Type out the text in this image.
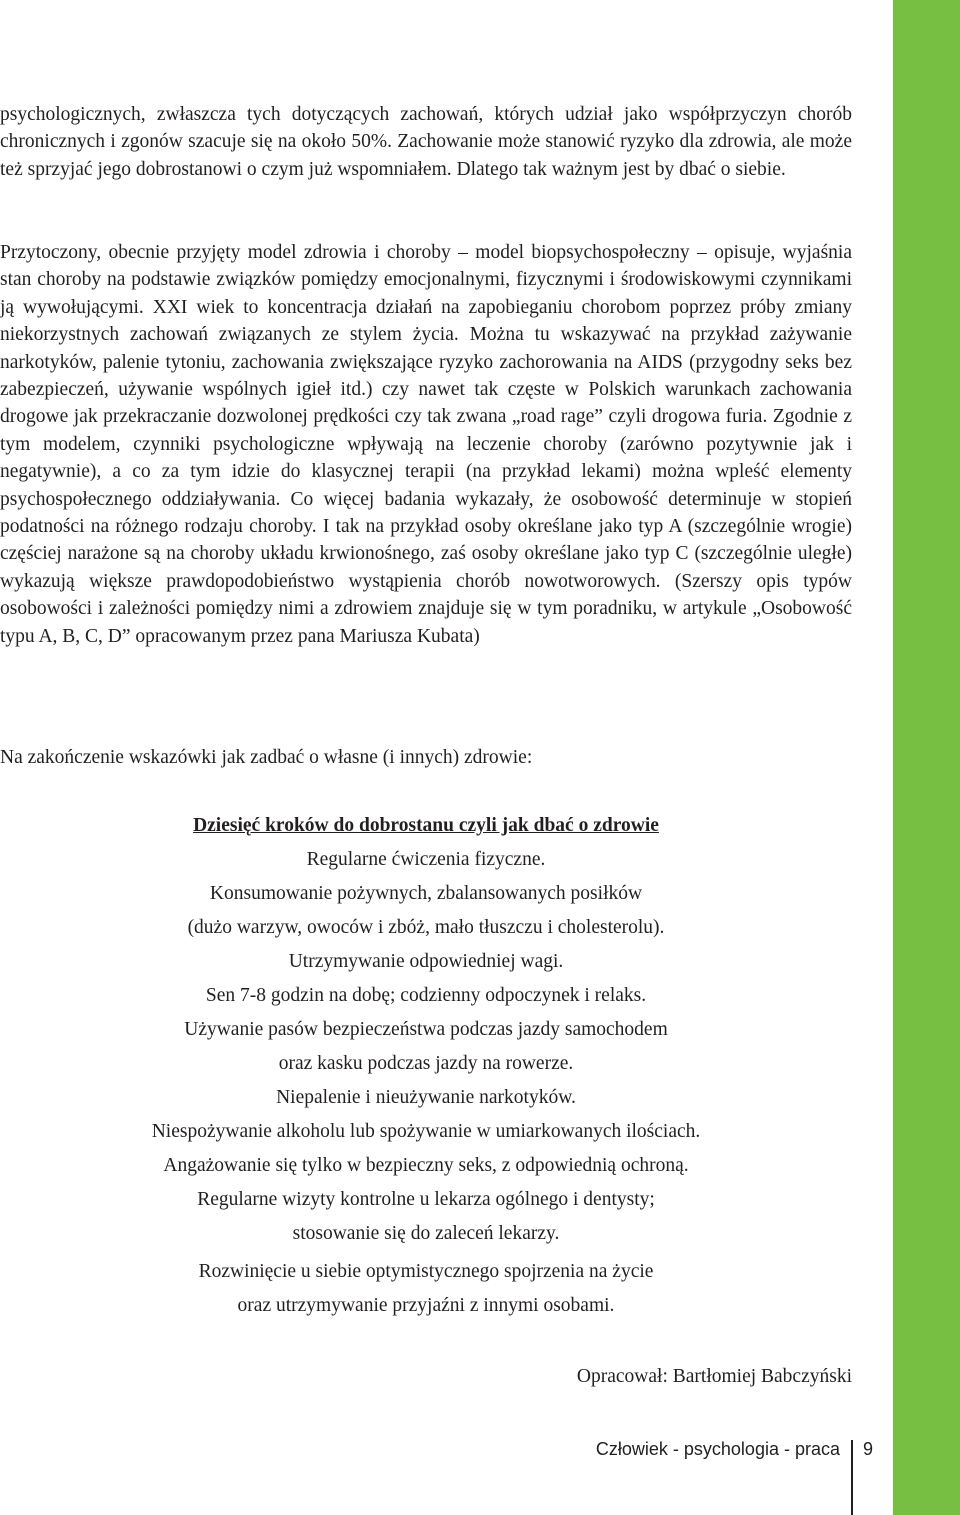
psychologicznych, zwłaszcza tych dotyczących zachowań, których udział jako współprzyczyn chorób chronicznych i zgonów szacuje się na około 50%. Zachowanie może stanowić ryzyko dla zdrowia, ale może też sprzyjać jego dobrostanowi o czym już wspomniałem. Dlatego tak ważnym jest by dbać o siebie.

Przytoczony, obecnie przyjęty model zdrowia i choroby – model biopsychospołeczny – opisuje, wyjaśnia stan choroby na podstawie związków pomiędzy emocjonalnymi, fizycznymi i środowiskowymi czynnikami ją wywołującymi. XXI wiek to koncentracja działań na zapobieganiu chorobom poprzez próby zmiany niekorzystnych zachowań związanych ze stylem życia. Można tu wskazywać na przykład zażywanie narkotyków, palenie tytoniu, zachowania zwiększające ryzyko zachorowania na AIDS (przygodny seks bez zabezpieczeń, używanie wspólnych igieł itd.) czy nawet tak częste w Polskich warunkach zachowania drogowe jak przekraczanie dozwolonej prędkości czy tak zwana „road rage” czyli drogowa furia. Zgodnie z tym modelem, czynniki psychologiczne wpływają na leczenie choroby (zarówno pozytywnie jak i negatywnie), a co za tym idzie do klasycznej terapii (na przykład lekami) można wpleść elementy psychospołecznego oddziaływania. Co więcej badania wykazały, że osobowość determinuje w stopień podatności na różnego rodzaju choroby. I tak na przykład osoby określane jako typ A (szczególnie wrogie) częściej narażone są na choroby układu krwionośnego, zaś osoby określane jako typ C (szczególnie uległe) wykazują większe prawdopodobieństwo wystąpienia chorób nowotworowych. (Szerszy opis typów osobowości i zależności pomiędzy nimi a zdrowiem znajduje się w tym poradniku, w artykule „Osobowość typu A, B, C, D” opracowanym przez pana Mariusza Kubata)

Na zakończenie wskazówki jak zadbać o własne (i innych) zdrowie:

Dziesięć kroków do dobrostanu czyli jak dbać o zdrowie
Regularne ćwiczenia fizyczne.
Konsumowanie pożywnych, zbalansowanych posiłków
(dużo warzyw, owoców i zbóż, mało tłuszczu i cholesterolu).
Utrzymywanie odpowiedniej wagi.
Sen 7-8 godzin na dobę; codzienny odpoczynek i relaks.
Używanie pasów bezpieczeństwa podczas jazdy samochodem
oraz kasku podczas jazdy na rowerze.
Niepalenie i nieużywanie narkotyków.
Niespożywanie alkoholu lub spożywanie w umiarkowanych ilościach.
Angażowanie się tylko w bezpieczny seks, z odpowiednią ochroną.
Regularne wizyty kontrolne u lekarza ogólnego i dentysty;
stosowanie się do zaleceń lekarzy.
Rozwinięcie u siebie optymistycznego spojrzenia na życie
oraz utrzymywanie przyjaźni z innymi osobami.
Opracował: Bartłomiej Babczyński
Człowiek - psychologia - praca 9
